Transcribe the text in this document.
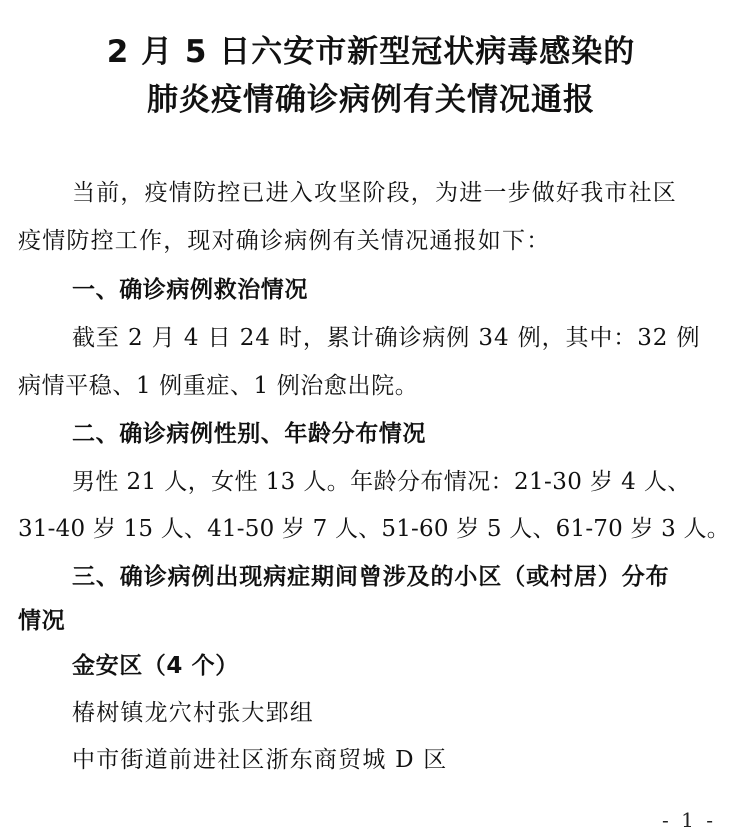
2 月 5 日六安市新型冠状病毒感染的
肺炎疫情确诊病例有关情况通报
当前，疫情防控已进入攻坚阶段，为进一步做好我市社区
疫情防控工作，现对确诊病例有关情况通报如下：
一、确诊病例救治情况
截至 2 月 4 日 24 时，累计确诊病例 34 例，其中：32 例
病情平稳、1 例重症、1 例治愈出院。
二、确诊病例性别、年龄分布情况
男性 21 人，女性 13 人。年龄分布情况：21-30 岁 4 人、
31-40 岁 15 人、41-50 岁 7 人、51-60 岁 5 人、61-70 岁 3 人。
三、确诊病例出现病症期间曾涉及的小区（或村居）分布
情况
金安区（4 个）
椿树镇龙穴村张大郢组
中市街道前进社区浙东商贸城 D 区
- 1 -
